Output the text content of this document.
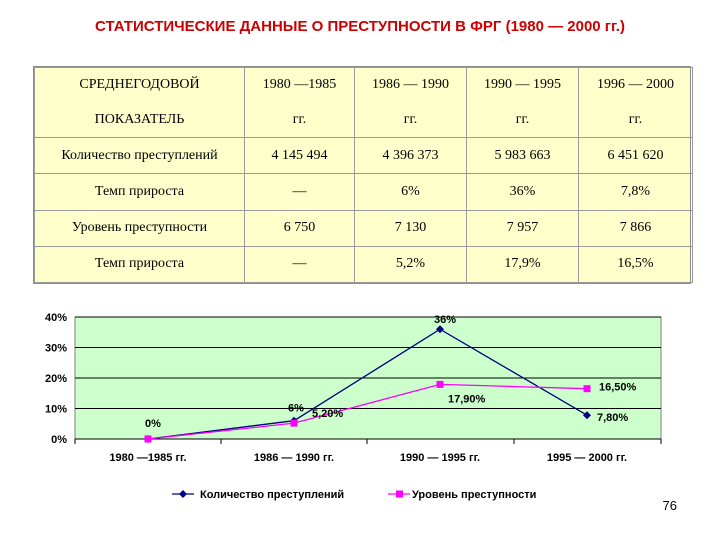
СТАТИСТИЧЕСКИЕ ДАННЫЕ О ПРЕСТУПНОСТИ В ФРГ (1980 — 2000 гг.)
СРЕДНЕГОДОВОЙ	1980 —1985	1986 — 1990	1990 — 1995	1996 — 2000
ПОКАЗАТЕЛЬ	гг.	гг.	гг.	гг.
Количество преступлений	4 145 494	4 396 373	5 983 663	6 451 620
Темп прироста	—	6%	36%	7,8%
Уровень преступности	6 750	7 130	7 957	7 866
Темп прироста	—	5,2%	17,9%	16,5%
0%
10%
20%
30%
40%
1980 —1985 гг.	1986 — 1990 гг.	1990 — 1995 гг.	1995 — 2000 гг.
0%
6%
36%
7,80%
5,20%
17,90%
16,50%
Количество преступлений	Уровень преступности
76
